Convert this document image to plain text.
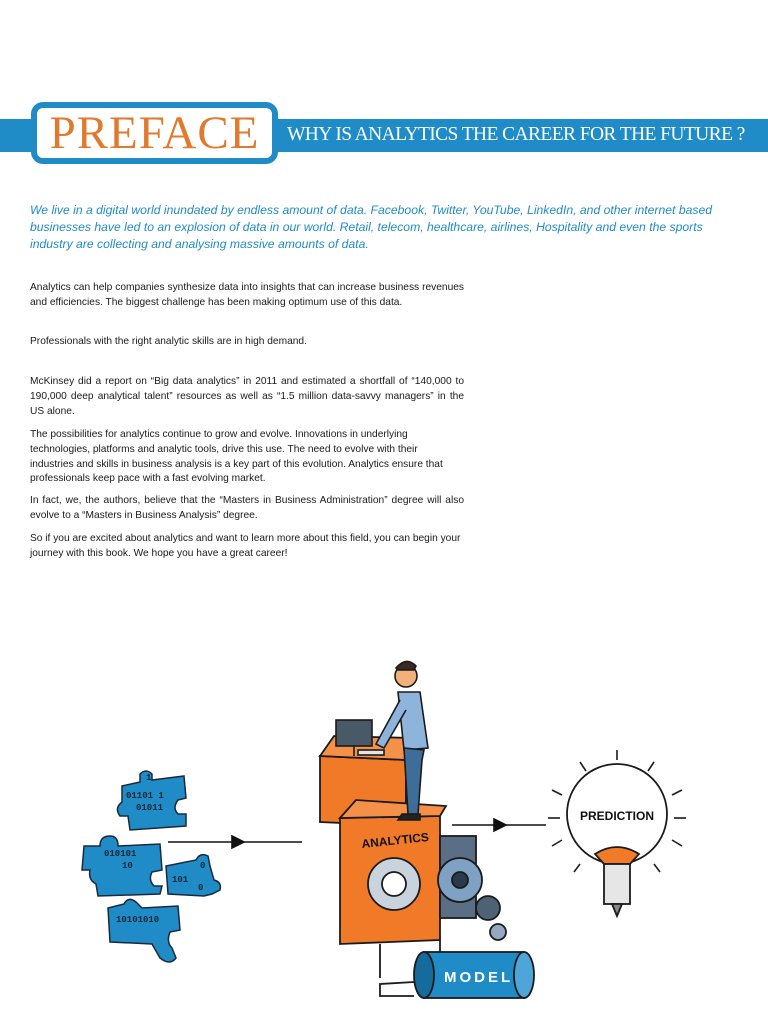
PREFACE	WHY IS ANALYTICS THE CAREER FOR THE FUTURE ?
We live in a digital world inundated by endless amount of data. Facebook, Twitter, YouTube, LinkedIn, and other internet based businesses have led to an explosion of data in our world. Retail, telecom, healthcare, airlines, Hospitality and even the sports industry are collecting and analysing massive amounts of data.

Analytics can help companies synthesize data into insights that can increase business revenues and efficiencies. The biggest challenge has been making optimum use of this data.

Professionals with the right analytic skills are in high demand.

McKinsey did a report on “Big data analytics” in 2011 and estimated a shortfall of “140,000 to 190,000 deep analytical talent” resources as well as “1.5 million data-savvy managers” in the US alone.

The possibilities for analytics continue to grow and evolve. Innovations in underlying technologies, platforms and analytic tools, drive this use. The need to evolve with their industries and skills in business analysis is a key part of this evolution. Analytics ensure that professionals keep pace with a fast evolving market.

In fact, we, the authors, believe that the “Masters in Business Administration” degree will also evolve to a “Masters in Business Analysis” degree.

So if you are excited about analytics and want to learn more about this field, you can begin your journey with this book. We hope you have a great career!

1
01101 1
01011
010101
10
101
0
0
10101010
ANALYTICS
MODEL
PREDICTION
